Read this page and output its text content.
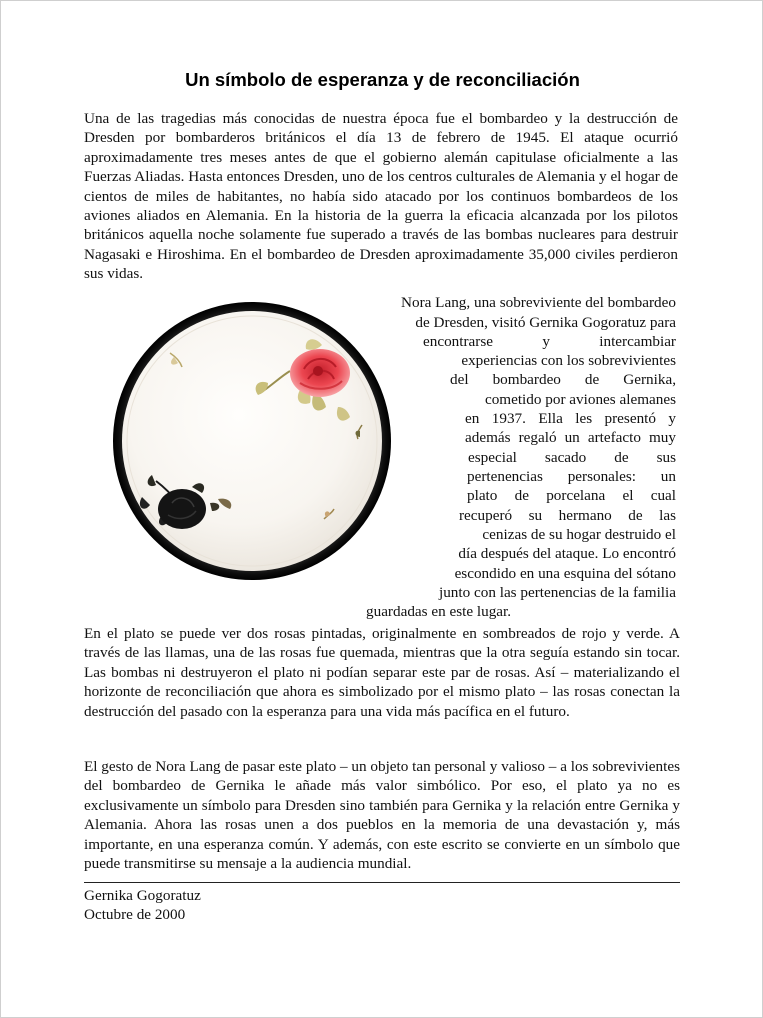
Un símbolo de esperanza y de reconciliación

Una de las tragedias más conocidas de nuestra época fue el bombardeo y la destrucción de Dresden por bombarderos británicos el día 13 de febrero de 1945. El ataque ocurrió aproximadamente tres meses antes de que el gobierno alemán capitulase oficialmente a las Fuerzas Aliadas. Hasta entonces Dresden, uno de los centros culturales de Alemania y el hogar de cientos de miles de habitantes, no había sido atacado por los continuos bombardeos de los aviones aliados en Alemania. En la historia de la guerra la eficacia alcanzada por los pilotos británicos aquella noche solamente fue superado a través de las bombas nucleares para destruir Nagasaki e Hiroshima. En el bombardeo de Dresden aproximadamente 35,000 civiles perdieron sus vidas.

Nora Lang, una sobreviviente del bombardeo
de Dresden, visitó Gernika Gogoratuz para
encontrarse y intercambiar
experiencias con los sobrevivientes
del bombardeo de Gernika,
cometido por aviones alemanes
en 1937. Ella les presentó y
además regaló un artefacto muy
especial sacado de sus
pertenencias personales: un
plato de porcelana el cual
recuperó su hermano de las
cenizas de su hogar destruido el
día después del ataque. Lo encontró
escondido en una esquina del sótano
junto con las pertenencias de la familia
guardadas en este lugar.

En el plato se puede ver dos rosas pintadas, originalmente en sombreados de rojo y verde. A través de las llamas, una de las rosas fue quemada, mientras que la otra seguía estando sin tocar. Las bombas ni destruyeron el plato ni podían separar este par de rosas. Así – materializando el horizonte de reconciliación que ahora es simbolizado por el mismo plato – las rosas conectan la destrucción del pasado con la esperanza para una vida más pacífica en el futuro.

El gesto de Nora Lang de pasar este plato – un objeto tan personal y valioso – a los sobrevivientes del bombardeo de Gernika le añade más valor simbólico. Por eso, el plato ya no es exclusivamente un símbolo para Dresden sino también para Gernika y la relación entre Gernika y Alemania. Ahora las rosas unen a dos pueblos en la memoria de una devastación y, más importante, en una esperanza común. Y además, con este escrito se convierte en un símbolo que puede transmitirse su mensaje a la audiencia mundial.

Gernika Gogoratuz
Octubre de 2000
